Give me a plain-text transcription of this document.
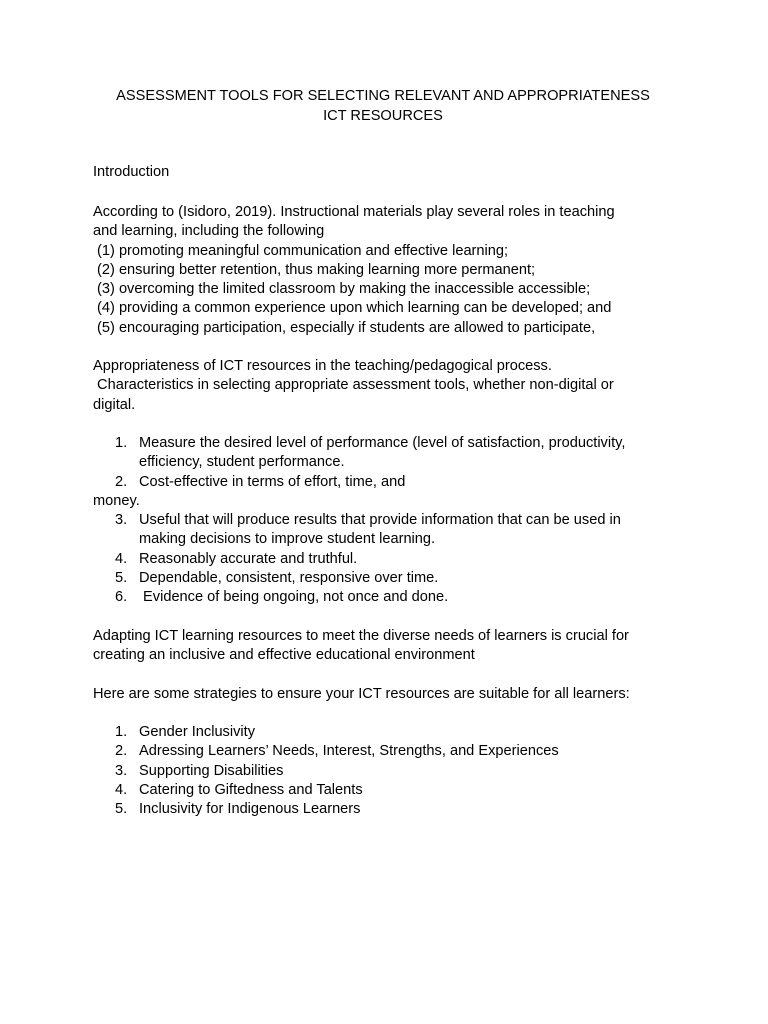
ASSESSMENT TOOLS FOR SELECTING RELEVANT AND APPROPRIATENESS
ICT RESOURCES
Introduction
According to (Isidoro, 2019). Instructional materials play several roles in teaching
and learning, including the following
(1) promoting meaningful communication and effective learning;
(2) ensuring better retention, thus making learning more permanent;
(3) overcoming the limited classroom by making the inaccessible accessible;
(4) providing a common experience upon which learning can be developed; and
(5) encouraging participation, especially if students are allowed to participate,
Appropriateness of ICT resources in the teaching/pedagogical process.
Characteristics in selecting appropriate assessment tools, whether non-digital or
digital.
1. Measure the desired level of performance (level of satisfaction, productivity,
efficiency, student performance.
2. Cost-effective in terms of effort, time, and
money.
3. Useful that will produce results that provide information that can be used in
making decisions to improve student learning.
4. Reasonably accurate and truthful.
5. Dependable, consistent, responsive over time.
6. Evidence of being ongoing, not once and done.
Adapting ICT learning resources to meet the diverse needs of learners is crucial for
creating an inclusive and effective educational environment
Here are some strategies to ensure your ICT resources are suitable for all learners:
1. Gender Inclusivity
2. Adressing Learners’ Needs, Interest, Strengths, and Experiences
3. Supporting Disabilities
4. Catering to Giftedness and Talents
5. Inclusivity for Indigenous Learners
